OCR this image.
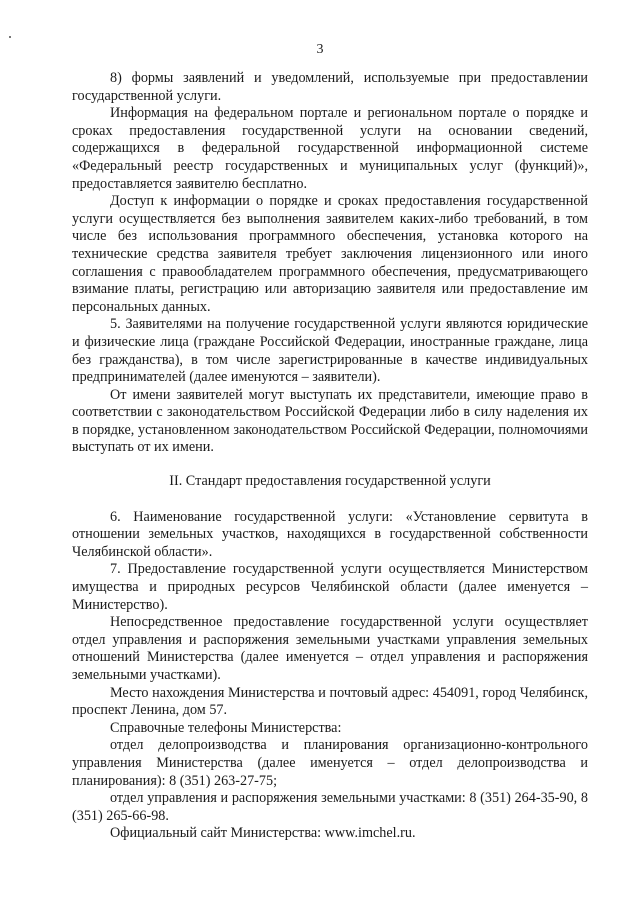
3

8) формы заявлений и уведомлений, используемые при предоставлении государственной услуги.

Информация на федеральном портале и региональном портале о порядке и сроках предоставления государственной услуги на основании сведений, содержащихся в федеральной государственной информационной системе «Федеральный реестр государственных и муниципальных услуг (функций)», предоставляется заявителю бесплатно.

Доступ к информации о порядке и сроках предоставления государственной услуги осуществляется без выполнения заявителем каких-либо требований, в том числе без использования программного обеспечения, установка которого на технические средства заявителя требует заключения лицензионного или иного соглашения с правообладателем программного обеспечения, предусматривающего взимание платы, регистрацию или авторизацию заявителя или предоставление им персональных данных.

5. Заявителями на получение государственной услуги являются юридические и физические лица (граждане Российской Федерации, иностранные граждане, лица без гражданства), в том числе зарегистрированные в качестве индивидуальных предпринимателей (далее именуются – заявители).

От имени заявителей могут выступать их представители, имеющие право в соответствии с законодательством Российской Федерации либо в силу наделения их в порядке, установленном законодательством Российской Федерации, полномочиями выступать от их имени.

II. Стандарт предоставления государственной услуги

6. Наименование государственной услуги: «Установление сервитута в отношении земельных участков, находящихся в государственной собственности Челябинской области».

7. Предоставление государственной услуги осуществляется Министерством имущества и природных ресурсов Челябинской области (далее именуется – Министерство).

Непосредственное предоставление государственной услуги осуществляет отдел управления и распоряжения земельными участками управления земельных отношений Министерства (далее именуется – отдел управления и распоряжения земельными участками).

Место нахождения Министерства и почтовый адрес: 454091, город Челябинск, проспект Ленина, дом 57.

Справочные телефоны Министерства:

отдел делопроизводства и планирования организационно-контрольного управления Министерства (далее именуется – отдел делопроизводства и планирования): 8 (351) 263-27-75;

отдел управления и распоряжения земельными участками: 8 (351) 264-35-90, 8 (351) 265-66-98.

Официальный сайт Министерства: www.imchel.ru.
